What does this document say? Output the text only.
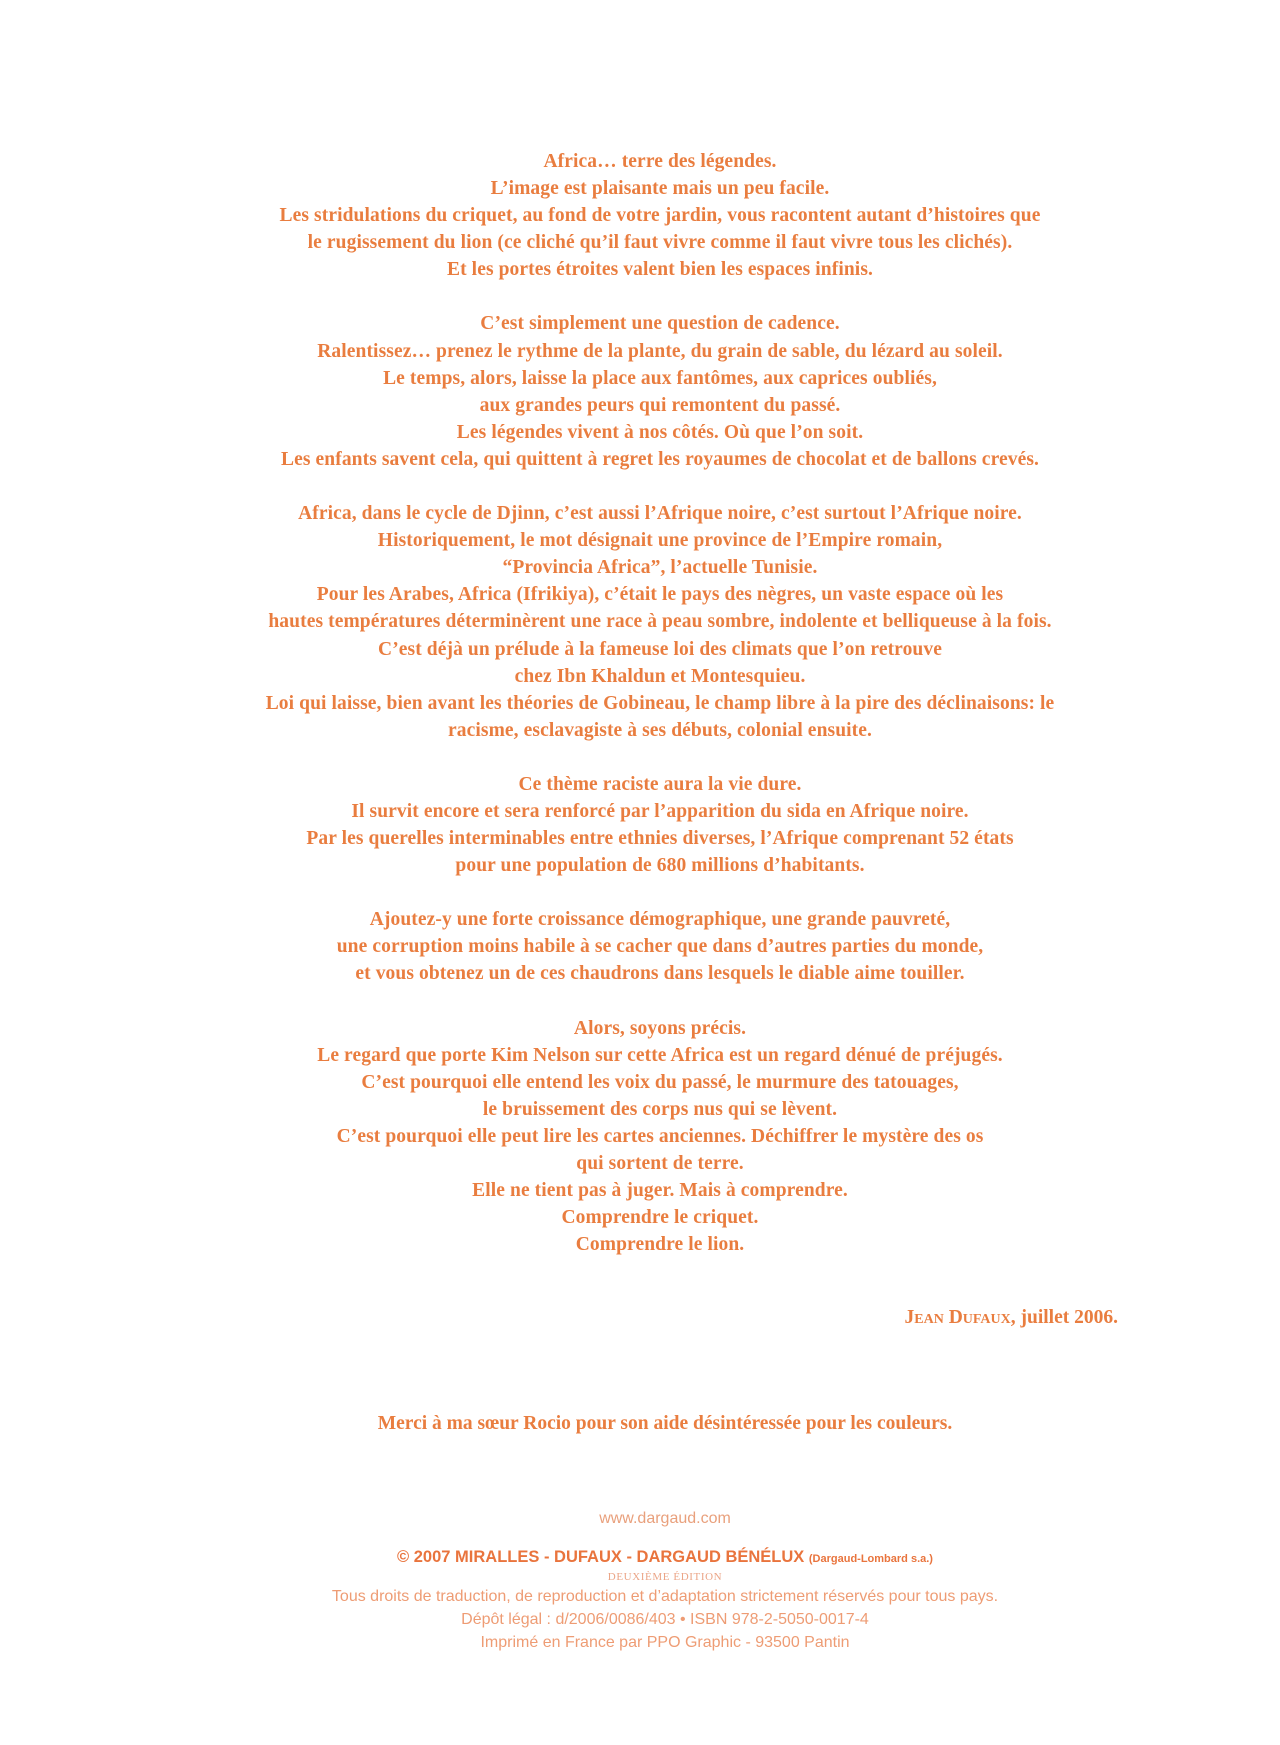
Africa… terre des légendes.
L’image est plaisante mais un peu facile.
Les stridulations du criquet, au fond de votre jardin, vous racontent autant d’histoires que
le rugissement du lion (ce cliché qu’il faut vivre comme il faut vivre tous les clichés).
Et les portes étroites valent bien les espaces infinis.
C’est simplement une question de cadence.
Ralentissez… prenez le rythme de la plante, du grain de sable, du lézard au soleil.
Le temps, alors, laisse la place aux fantômes, aux caprices oubliés,
aux grandes peurs qui remontent du passé.
Les légendes vivent à nos côtés. Où que l’on soit.
Les enfants savent cela, qui quittent à regret les royaumes de chocolat et de ballons crevés.
Africa, dans le cycle de Djinn, c’est aussi l’Afrique noire, c’est surtout l’Afrique noire.
Historiquement, le mot désignait une province de l’Empire romain,
“Provincia Africa”, l’actuelle Tunisie.
Pour les Arabes, Africa (Ifrikiya), c’était le pays des nègres, un vaste espace où les
hautes températures déterminèrent une race à peau sombre, indolente et belliqueuse à la fois.
C’est déjà un prélude à la fameuse loi des climats que l’on retrouve
chez Ibn Khaldun et Montesquieu.
Loi qui laisse, bien avant les théories de Gobineau, le champ libre à la pire des déclinaisons: le
racisme, esclavagiste à ses débuts, colonial ensuite.
Ce thème raciste aura la vie dure.
Il survit encore et sera renforcé par l’apparition du sida en Afrique noire.
Par les querelles interminables entre ethnies diverses, l’Afrique comprenant 52 états
pour une population de 680 millions d’habitants.
Ajoutez-y une forte croissance démographique, une grande pauvreté,
une corruption moins habile à se cacher que dans d’autres parties du monde,
et vous obtenez un de ces chaudrons dans lesquels le diable aime touiller.
Alors, soyons précis.
Le regard que porte Kim Nelson sur cette Africa est un regard dénué de préjugés.
C’est pourquoi elle entend les voix du passé, le murmure des tatouages,
le bruissement des corps nus qui se lèvent.
C’est pourquoi elle peut lire les cartes anciennes. Déchiffrer le mystère des os
qui sortent de terre.
Elle ne tient pas à juger. Mais à comprendre.
Comprendre le criquet.
Comprendre le lion.
Jean Dufaux, juillet 2006.
Merci à ma sœur Rocio pour son aide désintéressée pour les couleurs.
www.dargaud.com
© 2007 MIRALLES - DUFAUX - DARGAUD BÉNÉLUX (Dargaud-Lombard s.a.)
DEUXIÈME ÉDITION
Tous droits de traduction, de reproduction et d’adaptation strictement réservés pour tous pays.
Dépôt légal : d/2006/0086/403 • ISBN 978-2-5050-0017-4
Imprimé en France par PPO Graphic - 93500 Pantin
